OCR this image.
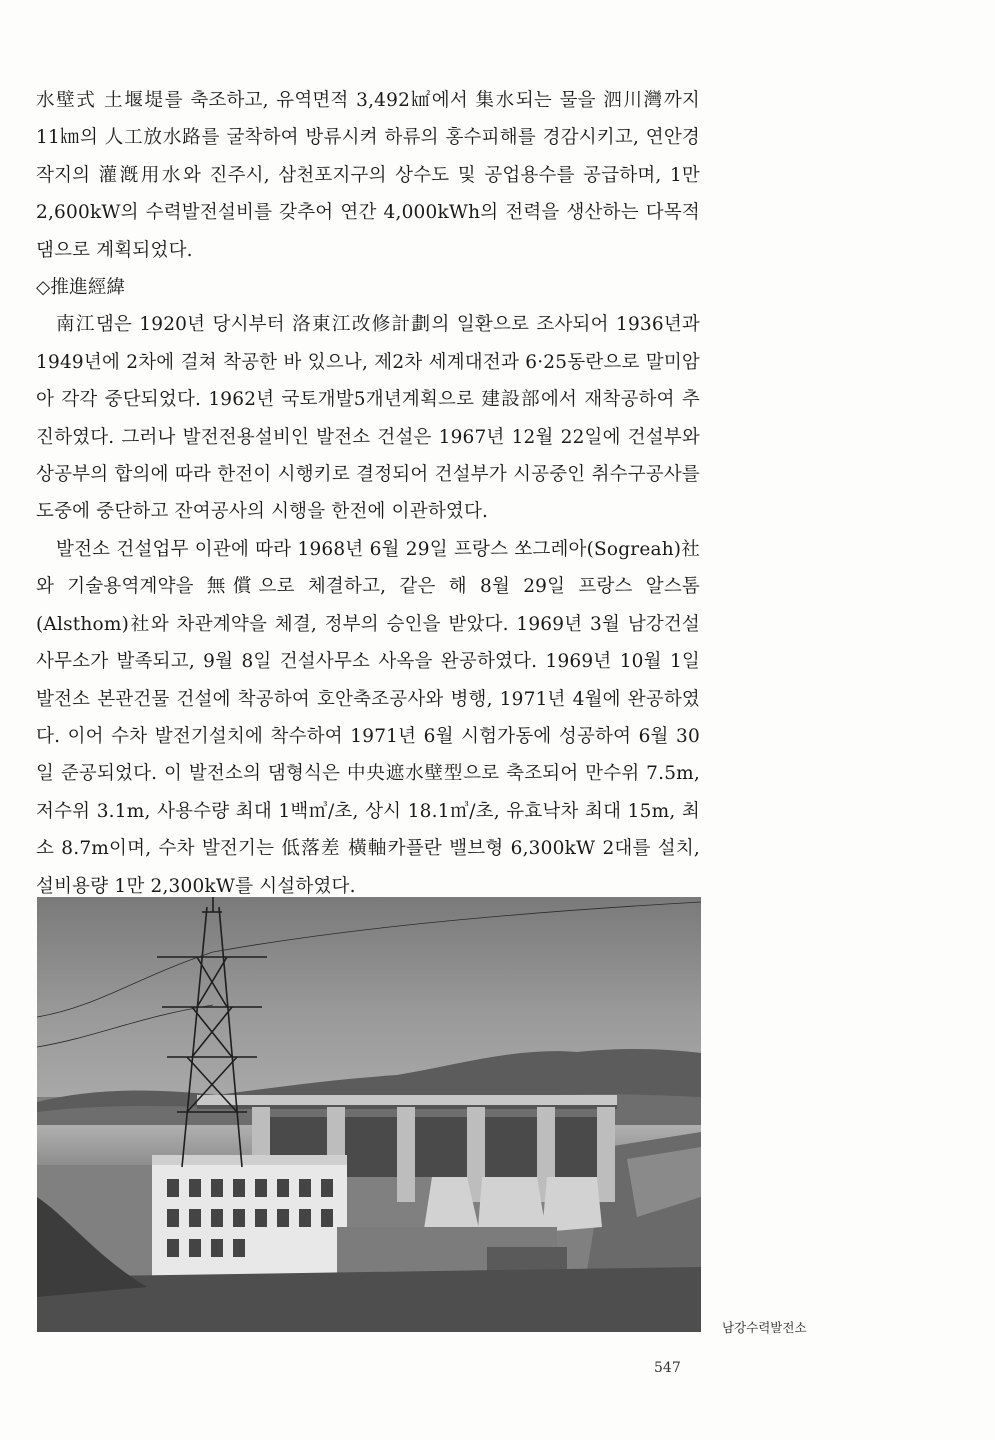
水壁式 土堰堤를 축조하고, 유역면적 3,492㎢에서 集水되는 물을 泗川灣까지 11㎞의 人工放水路를 굴착하여 방류시켜 하류의 홍수피해를 경감시키고, 연안경작지의 灌漑用水와 진주시, 삼천포지구의 상수도 및 공업용수를 공급하며, 1만 2,600kW의 수력발전설비를 갖추어 연간 4,000kWh의 전력을 생산하는 다목적댐으로 계획되었다.

◇推進經緯

南江댐은 1920년 당시부터 洛東江改修計劃의 일환으로 조사되어 1936년과 1949년에 2차에 걸쳐 착공한 바 있으나, 제2차 세계대전과 6·25동란으로 말미암아 각각 중단되었다. 1962년 국토개발5개년계획으로 建設部에서 재착공하여 추진하였다. 그러나 발전전용설비인 발전소 건설은 1967년 12월 22일에 건설부와 상공부의 합의에 따라 한전이 시행키로 결정되어 건설부가 시공중인 취수구공사를 도중에 중단하고 잔여공사의 시행을 한전에 이관하였다.

발전소 건설업무 이관에 따라 1968년 6월 29일 프랑스 쏘그레아(Sogreah)社와 기술용역계약을 無償으로 체결하고, 같은 해 8월 29일 프랑스 알스톰(Alsthom)社와 차관계약을 체결, 정부의 승인을 받았다. 1969년 3월 남강건설사무소가 발족되고, 9월 8일 건설사무소 사옥을 완공하였다. 1969년 10월 1일 발전소 본관건물 건설에 착공하여 호안축조공사와 병행, 1971년 4월에 완공하였다. 이어 수차 발전기설치에 착수하여 1971년 6월 시험가동에 성공하여 6월 30일 준공되었다. 이 발전소의 댐형식은 中央遮水壁型으로 축조되어 만수위 7.5m, 저수위 3.1m, 사용수량 최대 1백㎥/초, 상시 18.1㎥/초, 유효낙차 최대 15m, 최소 8.7m이며, 수차 발전기는 低落差 橫軸카플란 밸브형 6,300kW 2대를 설치, 설비용량 1만 2,300kW를 시설하였다.

남강수력발전소
547
